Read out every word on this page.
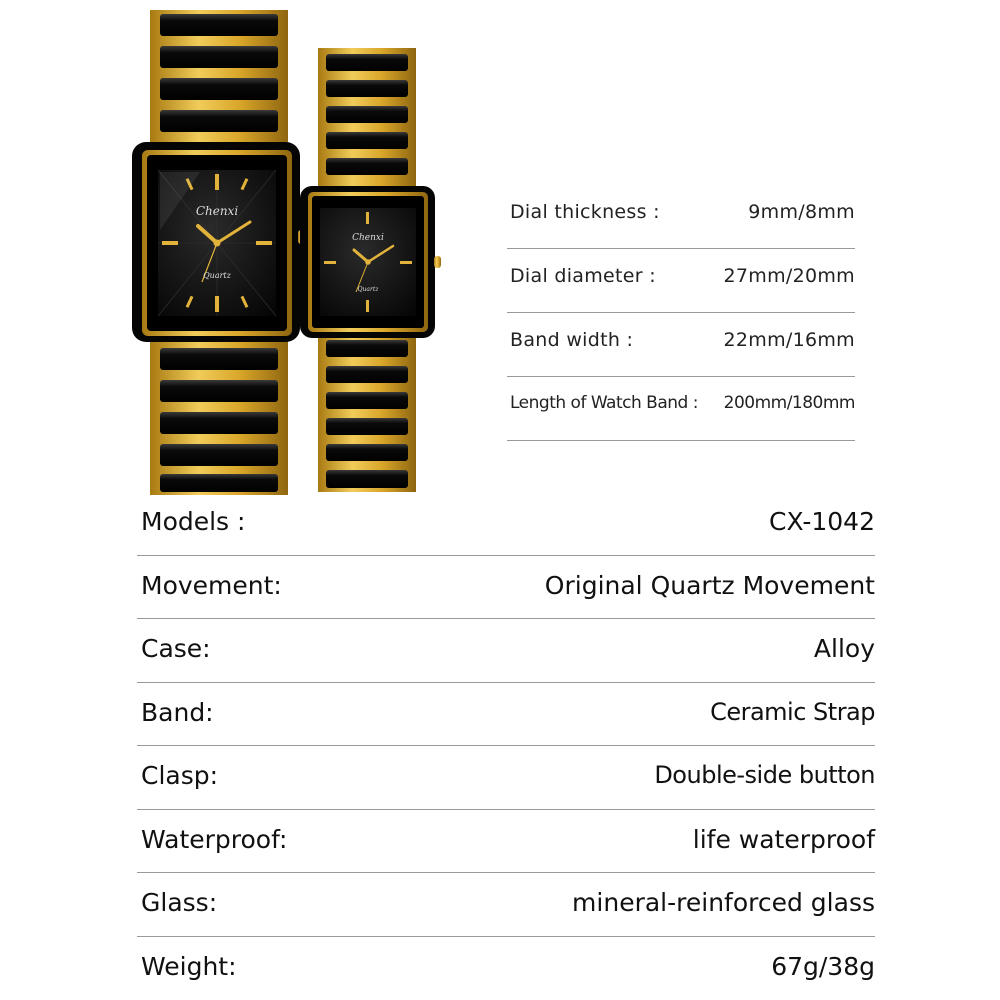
Chenxi
Quartz
Chenxi
Quartz
Dial thickness :	9mm/8mm
Dial diameter :	27mm/20mm
Band width :	22mm/16mm
Length of Watch Band : 200mm/180mm
Models :	CX-1042
Movement:	Original Quartz Movement
Case:	Alloy
Band:	Ceramic Strap
Clasp:	Double-side button
Waterproof:	life waterproof
Glass:	mineral-reinforced glass
Weight:	67g/38g
